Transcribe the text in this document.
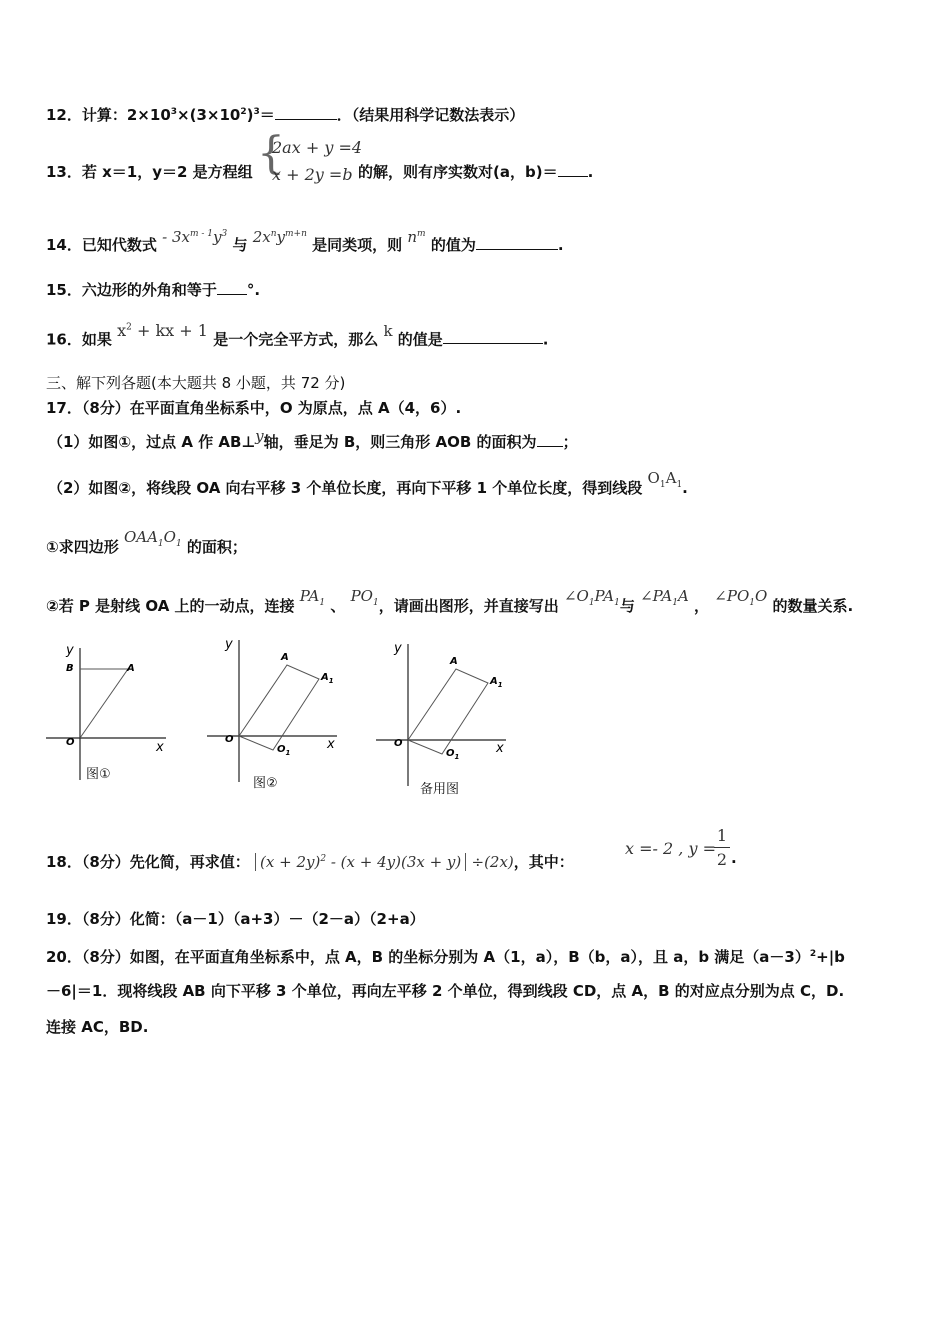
12．计算：$2\times 10^3\times(3\times 10^2)^3=$	．（结果用科学记数法表示）
13．若 x＝1，y＝2 是方程组 {
2ax + y =4
x + 2y =b 的解，则有序实数对(a，b)＝ .
14．已知代数式 - $3x^{m - 1}y^3$ 与 $2x^ny^{m+n}$ 是同类项，则 $n^m$ 的值为	.
15．六边形的外角和等于 °.
16．如果 $x^2$ + kx + 1 是一个完全平方式，那么 k 的值是	.
三、解下列各题(本大题共 8 小题，共 72 分)
17．（8分）在平面直角坐标系中，O 为原点，点 A（4，6）.
（1）如图①，过点 A 作 AB⊥y轴，垂足为 B，则三角形 AOB 的面积为 ；
（2）如图②，将线段 OA 向右平移 3 个单位长度，再向下平移 1 个单位长度，得到线段 $O_1A_1$.
①求四边形 $OAA_1O_1$ 的面积；
②若 P 是射线 OA 上的一动点，连接 $PA_1$ 、 $PO_1$，请画出图形，并直接写出 $\angle O_1PA_1$与 $\angle PA_1A$ ， $\angle PO_1O$ 的数量关系.
y
x
O
B	A
图①
y
x
O
A
$A_1$
$O_1$
图②
y
x
O
A
$A_1$
$O_1$
备用图
18．（8分）先化简，再求值： $(x + 2y)^2 - (x + 4y)(3x + y) \div(2x)$，其中：
x =- 2 , y =
1
2 .
19．（8分）化简：（a－1）（a+3）－（2－a）（2+a）
20．（8分）如图，在平面直角坐标系中，点 A，B 的坐标分别为 A（1，a），B（b，a），且 a，b 满足$(a-3)^2+|b$
－6|＝1．现将线段 AB 向下平移 3 个单位，再向左平移 2 个单位，得到线段 CD，点 A，B 的对应点分别为点 C，D.
连接 AC，BD.
